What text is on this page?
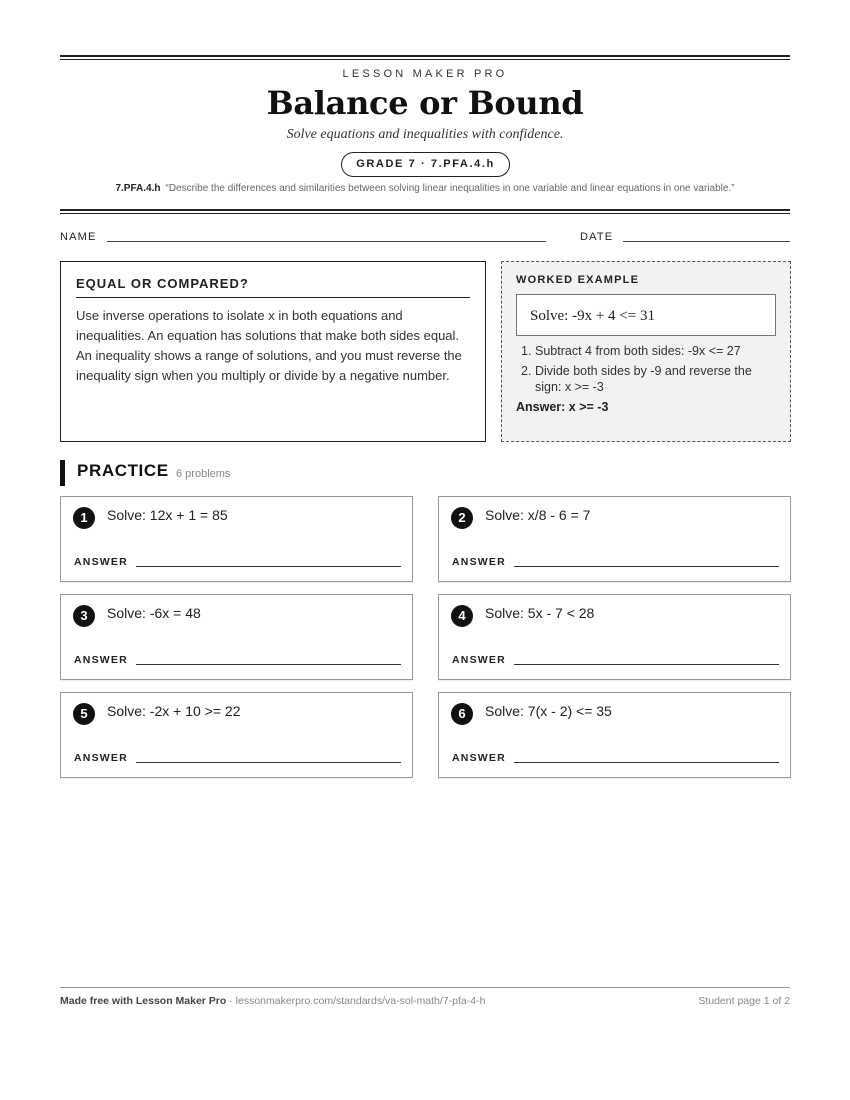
LESSON MAKER PRO
Balance or Bound
Solve equations and inequalities with confidence.
GRADE 7 · 7.PFA.4.h
7.PFA.4.h “Describe the differences and similarities between solving linear inequalities in one variable and linear equations in one variable.”
NAME	DATE
EQUAL OR COMPARED?
Use inverse operations to isolate x in both equations and inequalities. An equation has solutions that make both sides equal. An inequality shows a range of solutions, and you must reverse the inequality sign when you multiply or divide by a negative number.
WORKED EXAMPLE
Solve: -9x + 4 <= 31
1. Subtract 4 from both sides: -9x <= 27
2. Divide both sides by -9 and reverse the sign: x >= -3
Answer: x >= -3
PRACTICE 6 problems
1	Solve: 12x + 1 = 85
ANSWER
2	Solve: x/8 - 6 = 7
ANSWER
3	Solve: -6x = 48
ANSWER
4	Solve: 5x - 7 < 28
ANSWER
5	Solve: -2x + 10 >= 22
ANSWER
6	Solve: 7(x - 2) <= 35
ANSWER
Made free with Lesson Maker Pro · lessonmakerpro.com/standards/va-sol-math/7-pfa-4-h	Student page 1 of 2
